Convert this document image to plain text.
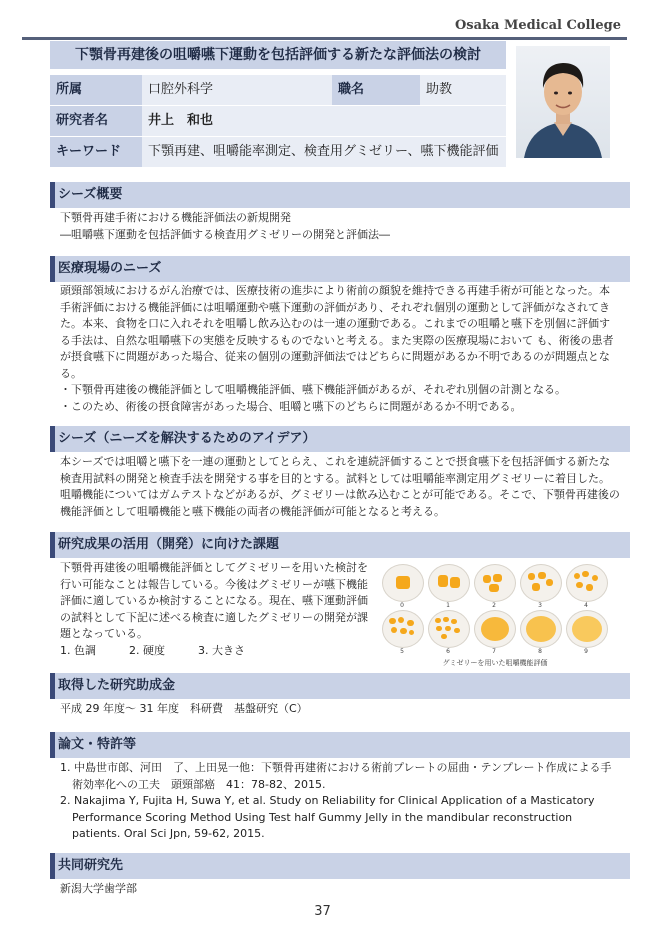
Osaka Medical College
下顎骨再建後の咀嚼嚥下運動を包括評価する新たな評価法の検討
所属	口腔外科学	職名	助教
研究者名	井上　和也
キーワード	下顎再建、咀嚼能率測定、検査用グミゼリー、嚥下機能評価
シーズ概要

下顎骨再建手術における機能評価法の新規開発

―咀嚼嚥下運動を包括評価する検査用グミゼリーの開発と評価法―

医療現場のニーズ

頭頸部領域におけるがん治療では、医療技術の進歩により術前の顔貌を維持できる再建手術が可能となった。本手術評価における機能評価には咀嚼運動や嚥下運動の評価があり、それぞれ個別の運動として評価がなされてきた。本来、食物を口に入れそれを咀嚼し飲み込むのは一連の運動である。これまでの咀嚼と嚥下を別個に評価する手法は、自然な咀嚼嚥下の実態を反映するものでないと考える。また実際の医療現場において も、術後の患者が摂食嚥下に問題があった場合、従来の個別の運動評価法ではどちらに問題があるか不明であるのが問題点となる。

・下顎骨再建後の機能評価として咀嚼機能評価、嚥下機能評価があるが、それぞれ別個の計測となる。

・このため、術後の摂食障害があった場合、咀嚼と嚥下のどちらに問題があるか不明である。

シーズ（ニーズを解決するためのアイデア）

本シーズでは咀嚼と嚥下を一連の運動としてとらえ、これを連続評価することで摂食嚥下を包括評価する新たな検査用試料の開発と検査手法を開発する事を目的とする。試料としては咀嚼能率測定用グミゼリーに着目した。咀嚼機能についてはガムテストなどがあるが、グミゼリーは飲み込むことが可能である。そこで、下顎骨再建後の機能評価として咀嚼機能と嚥下機能の両者の機能評価が可能となると考える。

研究成果の活用（開発）に向けた課題

下顎骨再建後の咀嚼機能評価としてグミゼリーを用いた検討を行い可能なことは報告している。今後はグミゼリーが嚥下機能評価に適しているか検討することになる。現在、嚥下運動評価の試料として下記に述べる検査に適したグミゼリーの開発が課題となっている。

1. 色調　　　2. 硬度　　　3. 大きさ

0	1	2	3	4
5	6	7	8	9
グミゼリーを用いた咀嚼機能評価
取得した研究助成金

平成 29 年度～ 31 年度　科研費　基盤研究（C）

論文・特許等

1. 中島世市郎、河田　了、上田晃一他：下顎骨再建術における術前プレートの屈曲・テンプレート作成による手術効率化への工夫　頭頸部癌　41：78-82、2015.

2. Nakajima Y, Fujita H, Suwa Y, et al. Study on Reliability for Clinical Application of a Masticatory Performance Scoring Method Using Test half Gummy Jelly in the mandibular reconstruction patients. Oral Sci Jpn, 59-62, 2015.

共同研究先

新潟大学歯学部

37
